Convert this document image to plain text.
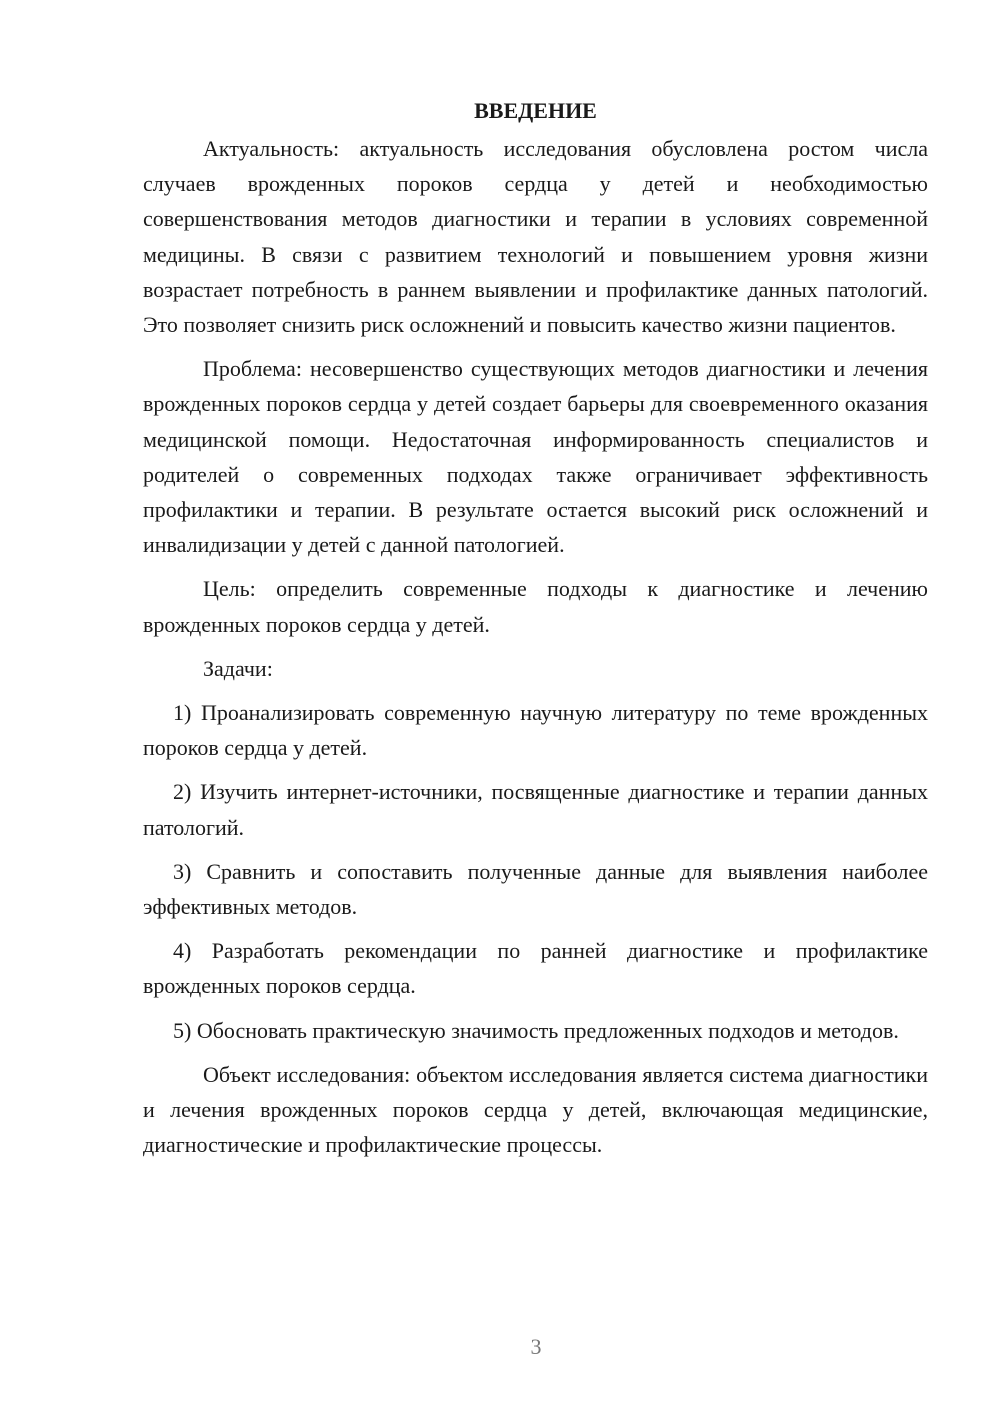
ВВЕДЕНИЕ

Актуальность: актуальность исследования обусловлена ростом числа случаев врожденных пороков сердца у детей и необходимостью совершенствования методов диагностики и терапии в условиях современной медицины. В связи с развитием технологий и повышением уровня жизни возрастает потребность в раннем выявлении и профилактике данных патологий. Это позволяет снизить риск осложнений и повысить качество жизни пациентов.

Проблема: несовершенство существующих методов диагностики и лечения врожденных пороков сердца у детей создает барьеры для своевременного оказания медицинской помощи. Недостаточная информированность специалистов и родителей о современных подходах также ограничивает эффективность профилактики и терапии. В результате остается высокий риск осложнений и инвалидизации у детей с данной патологией.

Цель: определить современные подходы к диагностике и лечению врожденных пороков сердца у детей.

Задачи:

1) Проанализировать современную научную литературу по теме врожденных пороков сердца у детей.

2) Изучить интернет-источники, посвященные диагностике и терапии данных патологий.

3) Сравнить и сопоставить полученные данные для выявления наиболее эффективных методов.

4) Разработать рекомендации по ранней диагностике и профилактике врожденных пороков сердца.

5) Обосновать практическую значимость предложенных подходов и методов.

Объект исследования: объектом исследования является система диагностики и лечения врожденных пороков сердца у детей, включающая медицинские, диагностические и профилактические процессы.

3
